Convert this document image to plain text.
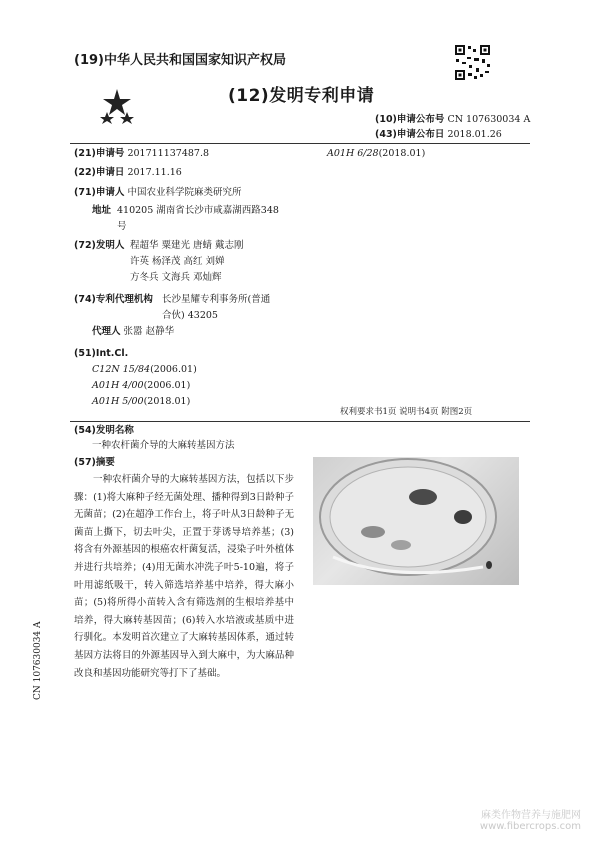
(19)中华人民共和国国家知识产权局
(12)发明专利申请
(10)申请公布号 CN 107630034 A
(43)申请公布日 2018.01.26
(21)申请号 201711137487.8	A01H 6/28(2018.01)
(22)申请日 2017.11.16
(71)申请人 中国农业科学院麻类研究所
地址 410205 湖南省长沙市咸嘉湖西路348
号
(72)发明人 程超华 粟建光 唐蜻 戴志刚
许英 杨泽茂 高红 刘婵
方冬兵 文海兵 邓灿辉
(74)专利代理机构 长沙星耀专利事务所(普通
合伙) 43205
代理人 张嚣 赵静华
(51)Int.Cl.
C12N 15/84(2006.01)
A01H 4/00(2006.01)
A01H 5/00(2018.01)
权利要求书1页 说明书4页 附图2页
(54)发明名称
一种农杆菌介导的大麻转基因方法
(57)摘要
一种农杆菌介导的大麻转基因方法，包括以下步骤：(1)将大麻种子经无菌处理、播种得到3日龄种子无菌苗；(2)在超净工作台上，将子叶从3日龄种子无菌苗上撕下，切去叶尖，正置于芽诱导培养基；(3)将含有外源基因的根癌农杆菌复活，浸染子叶外植体并进行共培养；(4)用无菌水冲洗子叶5-10遍，将子叶用滤纸吸干，转入筛选培养基中培养，得大麻小苗；(5)将所得小苗转入含有筛选剂的生根培养基中培养，得大麻转基因苗；(6)转入水培液或基质中进行驯化。本发明首次建立了大麻转基因体系，通过转基因方法将目的外源基因导入到大麻中，为大麻品种改良和基因功能研究等打下了基础。
CN 107630034 A
麻类作物营养与施肥网
www.fibercrops.com
